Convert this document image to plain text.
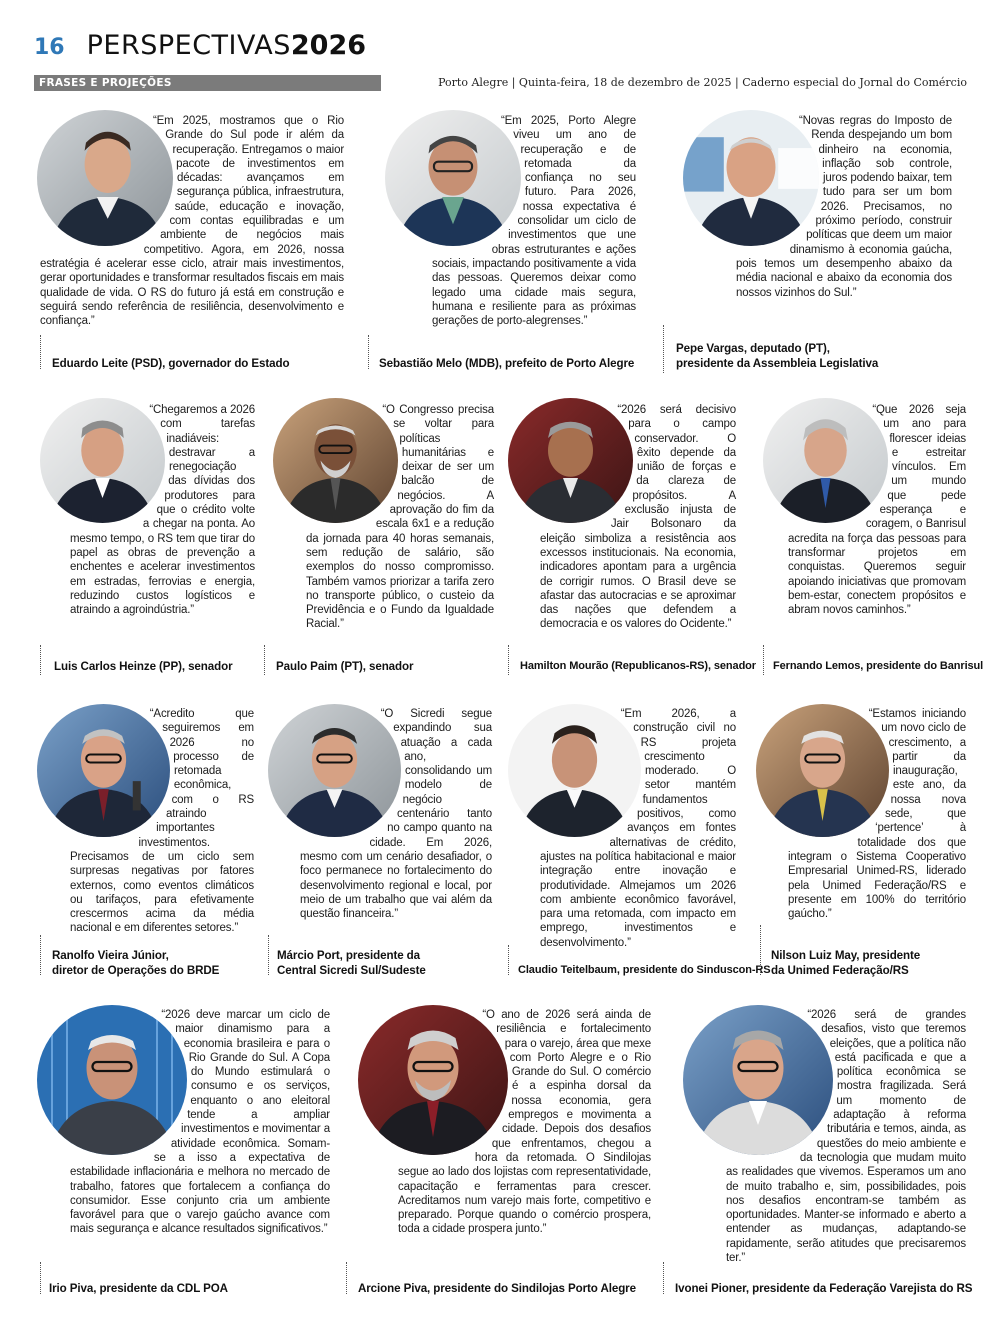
16 PERSPECTIVAS 2026
FRASES E PROJEÇÕES	Porto Alegre | Quinta-feira, 18 de dezembro de 2025 | Caderno especial do Jornal do Comércio
“Em 2025, mostramos que o Rio Grande do Sul pode ir além da recuperação. Entregamos o maior pacote de investimentos em décadas: avançamos em segurança pública, infraestrutura, saúde, educação e inovação, com contas equilibradas e um ambiente de negócios mais competitivo. Agora, em 2026, nossa estratégia é acelerar esse ciclo, atrair mais investimentos, gerar oportunidades e transformar resultados fiscais em mais qualidade de vida. O RS do futuro já está em construção e seguirá sendo referência de resiliência, desenvolvimento e confiança.”
“Em 2025, Porto Alegre viveu um ano de recuperação e de retomada da confiança no seu futuro. Para 2026, nossa expectativa é consolidar um ciclo de investimentos que une obras estruturantes e ações sociais, impactando positivamente a vida das pessoas. Queremos deixar como legado uma cidade mais segura, humana e resiliente para as próximas gerações de porto-alegrenses.”
“Novas regras do Imposto de Renda despejando um bom dinheiro na economia, inflação sob controle, juros podendo baixar, tem tudo para ser um bom 2026. Precisamos, no próximo período, construir políticas que deem um maior dinamismo à economia gaúcha, pois temos um desempenho abaixo da média nacional e abaixo da economia dos nossos vizinhos do Sul.”
Eduardo Leite (PSD), governador do Estado	Sebastião Melo (MDB), prefeito de Porto Alegre
Pepe Vargas, deputado (PT),
presidente da Assembleia Legislativa
“Chegaremos a 2026 com tarefas inadiáveis: destravar a renegociação das dívidas dos produtores para que o crédito volte a chegar na ponta. Ao mesmo tempo, o RS tem que tirar do papel as obras de prevenção a enchentes e acelerar investimentos em estradas, ferrovias e energia, reduzindo custos logísticos e atraindo a agroindústria.”
“O Congresso precisa se voltar para políticas humanitárias e deixar de ser um balcão de negócios. A aprovação do fim da escala 6x1 e a redução da jornada para 40 horas semanais, sem redução de salário, são exemplos do nosso compromisso. Também vamos priorizar a tarifa zero no transporte público, o custeio da Previdência e o Fundo da Igualdade Racial.”
“2026 será decisivo para o campo conservador. O êxito depende da união de forças e da clareza de propósitos. A exclusão injusta de Jair Bolsonaro da eleição simboliza a resistência aos excessos institucionais. Na economia, indicadores apontam para a urgência de corrigir rumos. O Brasil deve se afastar das autocracias e se aproximar das nações que defendem a democracia e os valores do Ocidente.”
“Que 2026 seja um ano para florescer ideias e estreitar vínculos. Em um mundo que pede esperança e coragem, o Banrisul acredita na força das pessoas para transformar projetos em conquistas. Queremos seguir apoiando iniciativas que promovam bem-estar, conectem propósitos e abram novos caminhos.”
Luis Carlos Heinze (PP), senador	Paulo Paim (PT), senador	Hamilton Mourão (Republicanos-RS), senador Fernando Lemos, presidente do Banrisul
“Acredito que seguiremos em 2026 no processo de retomada econômica, com o RS atraindo importantes investimentos. Precisamos de um ciclo sem surpresas negativas por fatores externos, como eventos climáticos ou tarifaços, para efetivamente crescermos acima da média nacional e em diferentes setores.”
“O Sicredi segue expandindo sua atuação a cada ano, consolidando um modelo de negócio centenário tanto no campo quanto na cidade. Em 2026, mesmo com um cenário desafiador, o foco permanece no fortalecimento do desenvolvimento regional e local, por meio de um trabalho que vai além da questão financeira.”
“Em 2026, a construção civil no RS projeta crescimento moderado. O setor mantém fundamentos positivos, como avanços em fontes alternativas de crédito, ajustes na política habitacional e maior integração entre inovação e produtividade. Almejamos um 2026 com ambiente econômico favorável, para uma retomada, com impacto em emprego, investimentos e desenvolvimento.”
“Estamos iniciando um novo ciclo de crescimento, a partir da inauguração, este ano, da nossa nova sede, que ‘pertence’ à totalidade dos que integram o Sistema Cooperativo Empresarial Unimed-RS, liderado pela Unimed Federação/RS e presente em 100% do território gaúcho.”
Ranolfo Vieira Júnior,
diretor de Operações do BRDE
Márcio Port, presidente da
Central Sicredi Sul/Sudeste	Claudio Teitelbaum, presidente do Sinduscon-RS
Nilson Luiz May, presidente
da Unimed Federação/RS
“2026 deve marcar um ciclo de maior dinamismo para a economia brasileira e para o Rio Grande do Sul. A Copa do Mundo estimulará o consumo e os serviços, enquanto o ano eleitoral tende a ampliar investimentos e movimentar a atividade econômica. Somam-se a isso a expectativa de estabilidade inflacionária e melhora no mercado de trabalho, fatores que fortalecem a confiança do consumidor. Esse conjunto cria um ambiente favorável para que o varejo gaúcho avance com mais segurança e alcance resultados significativos.”
“O ano de 2026 será ainda de resiliência e fortalecimento para o varejo, área que mexe com Porto Alegre e o Rio Grande do Sul. O comércio é a espinha dorsal da nossa economia, gera empregos e movimenta a cidade. Depois dos desafios que enfrentamos, chegou a hora da retomada. O Sindilojas segue ao lado dos lojistas com representatividade, capacitação e ferramentas para crescer. Acreditamos num varejo mais forte, competitivo e preparado. Porque quando o comércio prospera, toda a cidade prospera junto.”
“2026 será de grandes desafios, visto que teremos eleições, que a política não está pacificada e que a política econômica se mostra fragilizada. Será um momento de adaptação à reforma tributária e temos, ainda, as questões do meio ambiente e da tecnologia que mudam muito as realidades que vivemos. Esperamos um ano de muito trabalho e, sim, possibilidades, pois nos desafios encontram-se também as oportunidades. Manter-se informado e aberto a entender as mudanças, adaptando-se rapidamente, serão atitudes que precisaremos ter.”
Irio Piva, presidente da CDL POA	Arcione Piva, presidente do Sindilojas Porto Alegre	Ivonei Pioner, presidente da Federação Varejista do RS
